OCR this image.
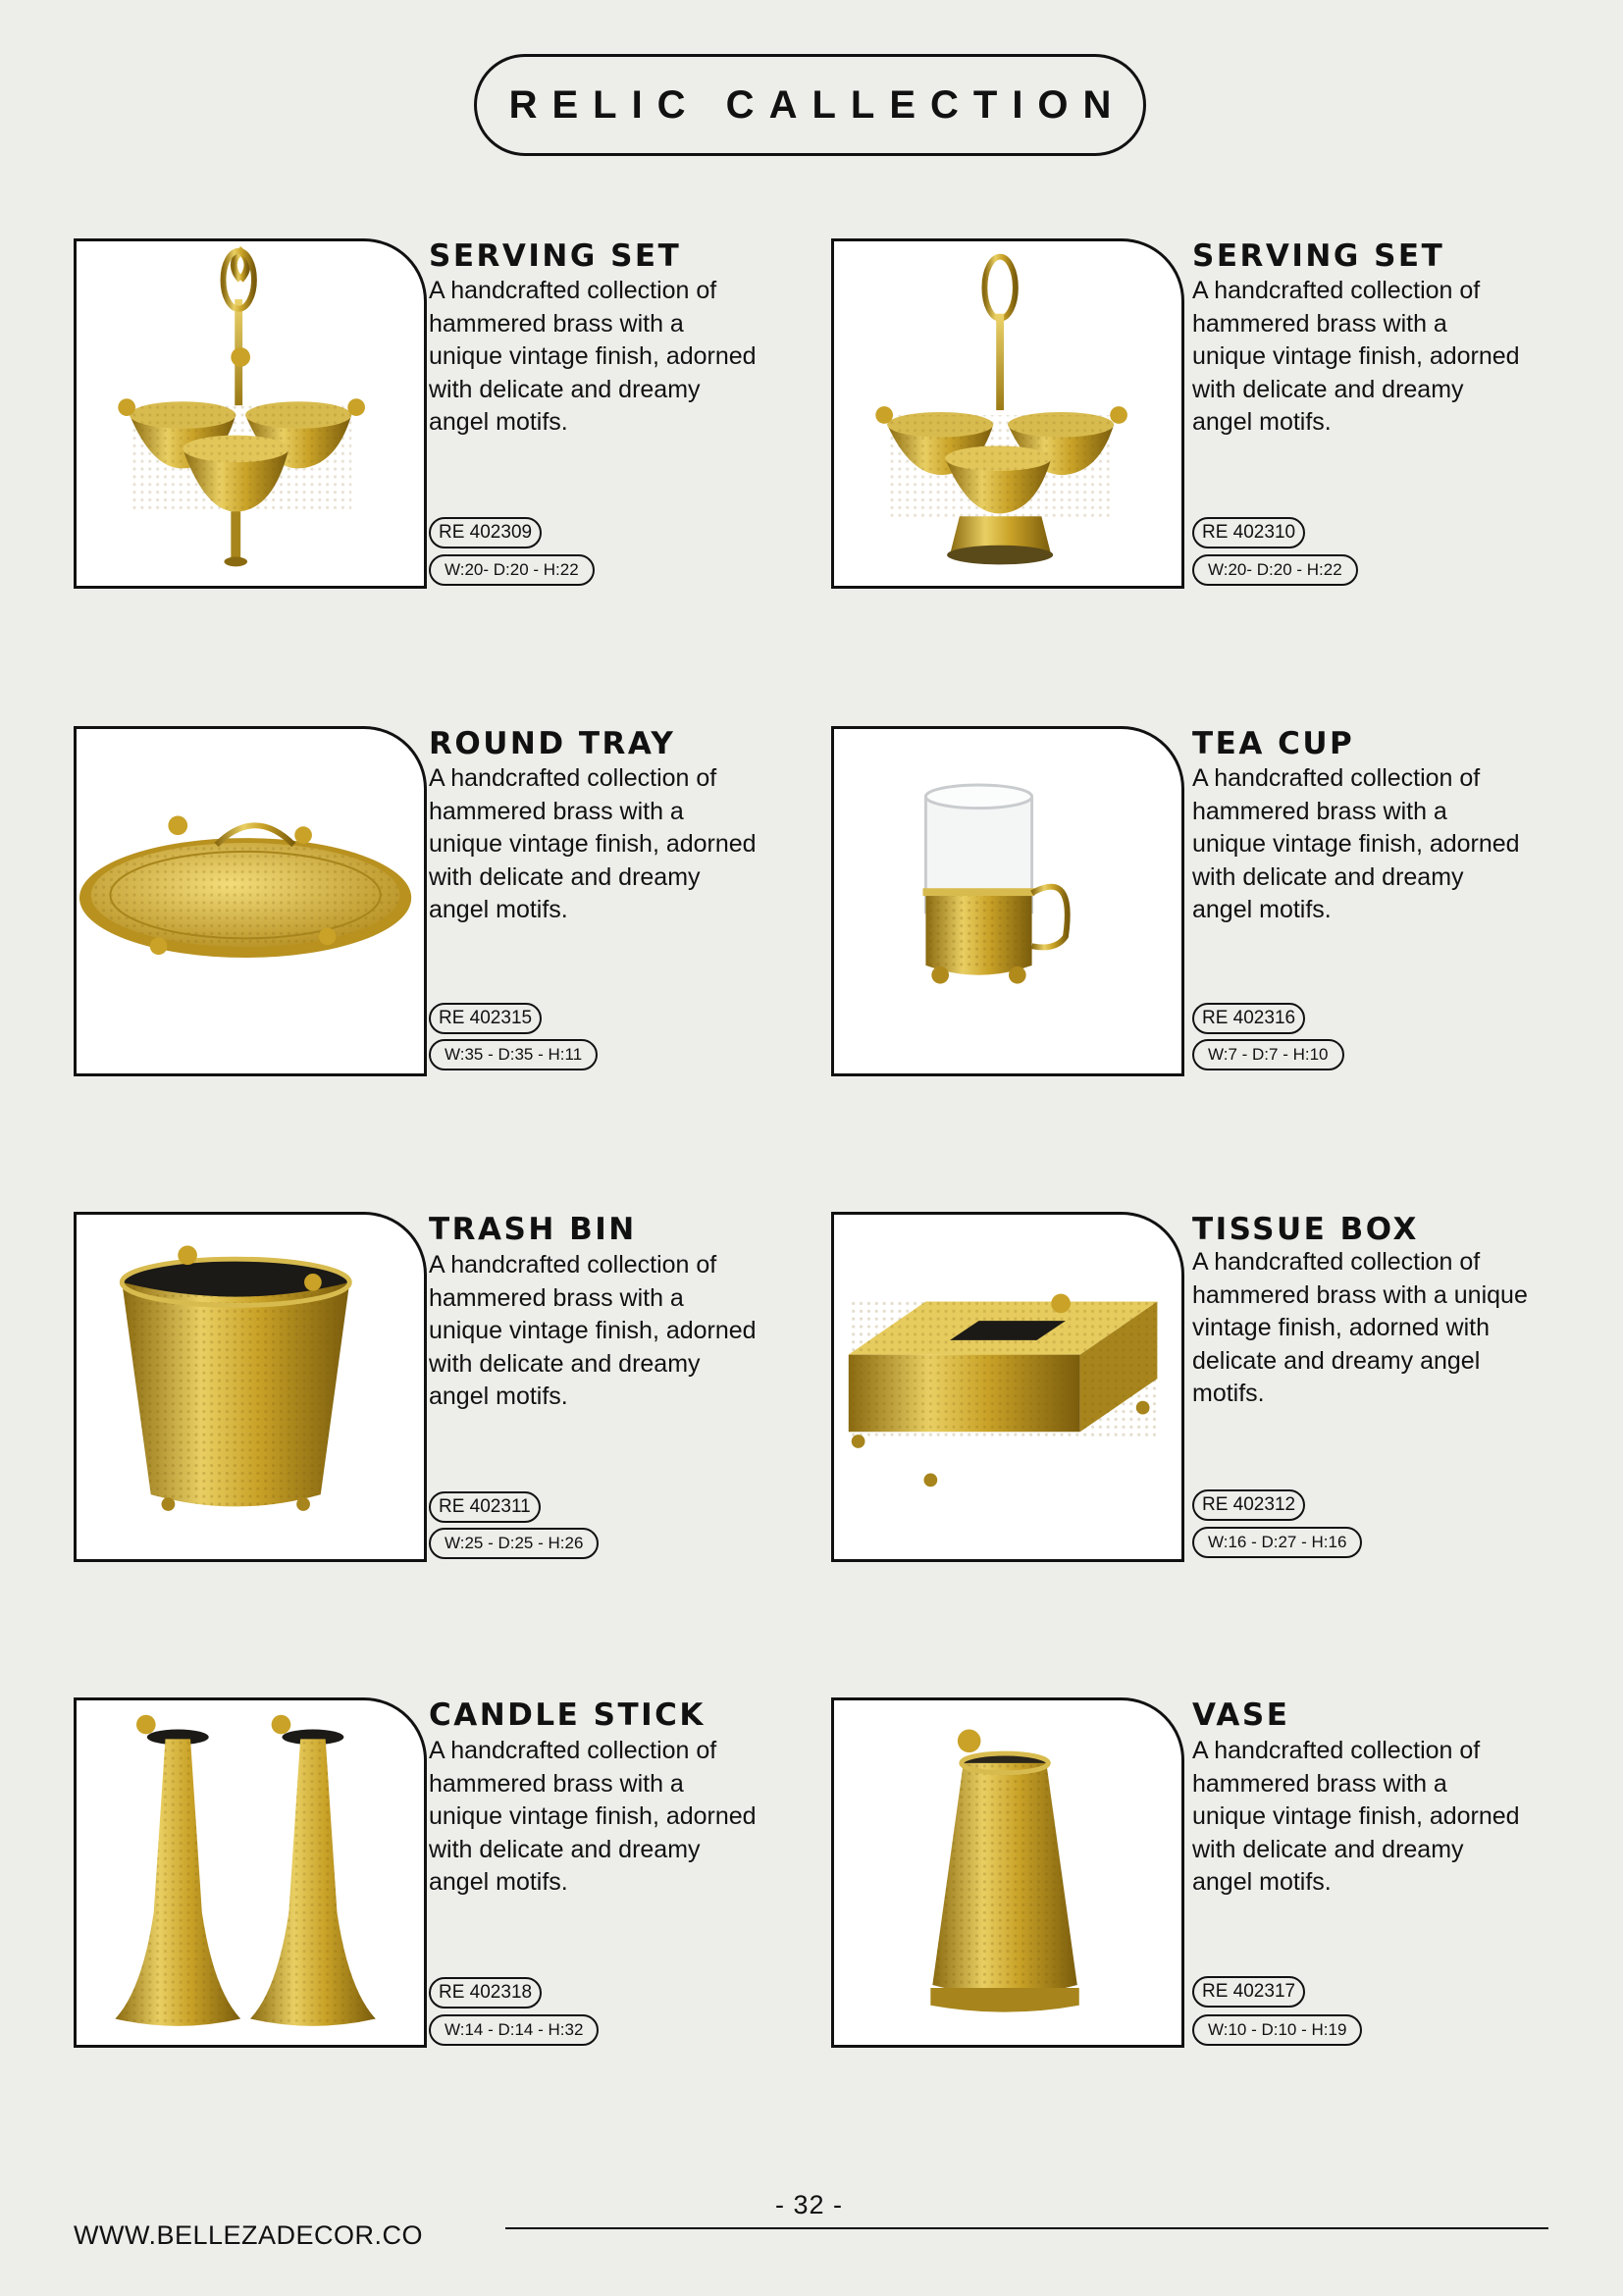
RELIC CALLECTION
SERVING SET

A handcrafted collection of hammered brass with a unique vintage finish, adorned with delicate and dreamy angel motifs.

RE 402309
W:20- D:20 - H:22
SERVING SET

A handcrafted collection of hammered brass with a unique vintage finish, adorned with delicate and dreamy angel motifs.

RE 402310
W:20- D:20 - H:22
ROUND TRAY

A handcrafted collection of hammered brass with a unique vintage finish, adorned with delicate and dreamy angel motifs.

RE 402315
W:35 - D:35 - H:11
TEA CUP

A handcrafted collection of hammered brass with a unique vintage finish, adorned with delicate and dreamy angel motifs.

RE 402316
W:7 - D:7 - H:10
TRASH BIN

A handcrafted collection of hammered brass with a unique vintage finish, adorned with delicate and dreamy angel motifs.

RE 402311
W:25 - D:25 - H:26
TISSUE BOX

A handcrafted collection of hammered brass with a unique vintage finish, adorned with delicate and dreamy angel motifs.

RE 402312
W:16 - D:27 - H:16
CANDLE STICK

A handcrafted collection of hammered brass with a unique vintage finish, adorned with delicate and dreamy angel motifs.

RE 402318
W:14 - D:14 - H:32
VASE

A handcrafted collection of hammered brass with a unique vintage finish, adorned with delicate and dreamy angel motifs.

RE 402317
W:10 - D:10 - H:19
- 32 -
WWW.BELLEZADECOR.CO
